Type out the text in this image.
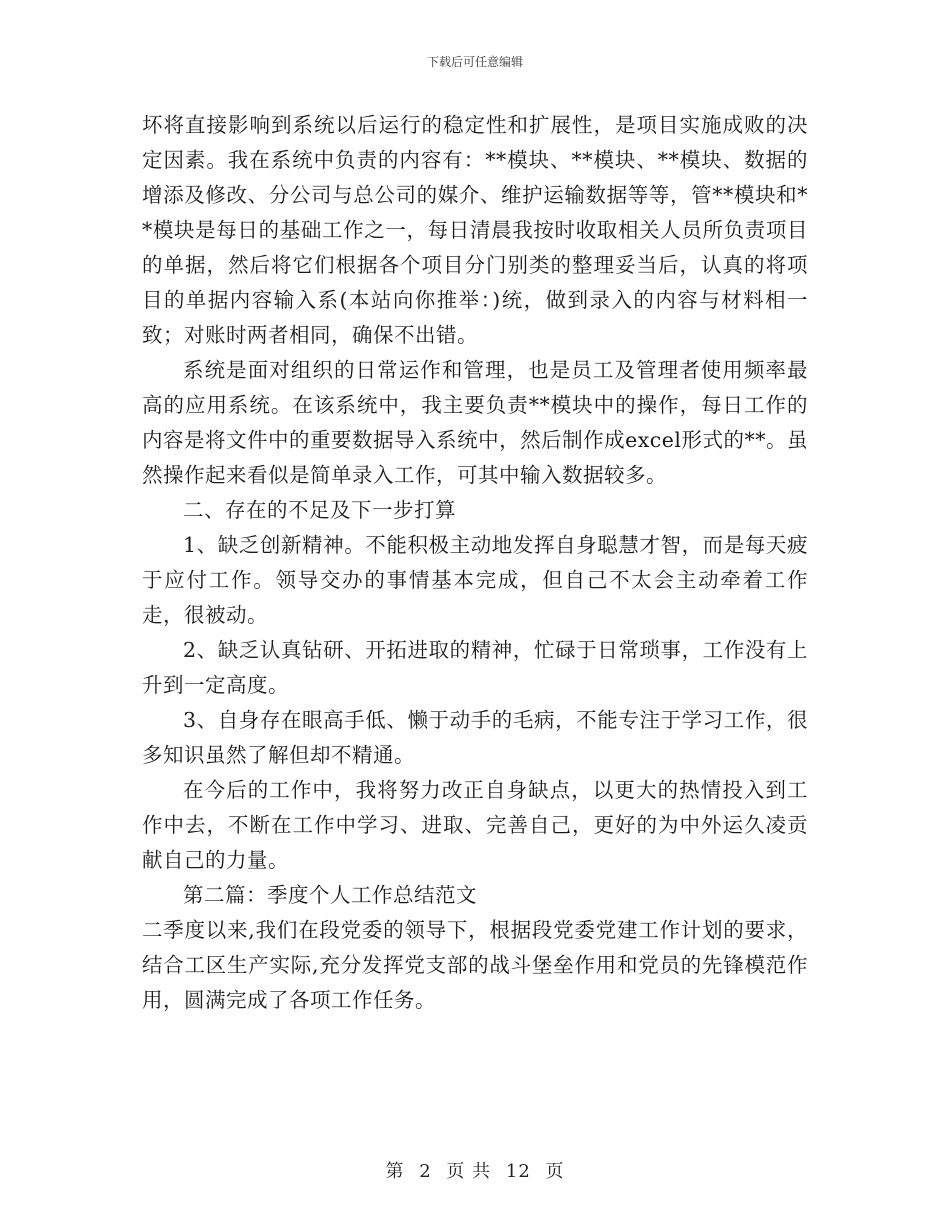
下载后可任意编辑

坏将直接影响到系统以后运行的稳定性和扩展性，是项目实施成败的决定因素。我在系统中负责的内容有：**模块、**模块、**模块、数据的增添及修改、分公司与总公司的媒介、维护运输数据等等，管**模块和**模块是每日的基础工作之一，每日清晨我按时收取相关人员所负责项目的单据，然后将它们根据各个项目分门别类的整理妥当后，认真的将项目的单据内容输入系(本站向你推举：)统，做到录入的内容与材料相一致；对账时两者相同，确保不出错。

系统是面对组织的日常运作和管理，也是员工及管理者使用频率最高的应用系统。在该系统中，我主要负责**模块中的操作，每日工作的内容是将文件中的重要数据导入系统中，然后制作成excel形式的**。虽然操作起来看似是简单录入工作，可其中输入数据较多。

二、存在的不足及下一步打算

1、缺乏创新精神。不能积极主动地发挥自身聪慧才智，而是每天疲于应付工作。领导交办的事情基本完成，但自己不太会主动牵着工作走，很被动。

2、缺乏认真钻研、开拓进取的精神，忙碌于日常琐事，工作没有上升到一定高度。

3、自身存在眼高手低、懒于动手的毛病，不能专注于学习工作，很多知识虽然了解但却不精通。

在今后的工作中，我将努力改正自身缺点，以更大的热情投入到工作中去，不断在工作中学习、进取、完善自己，更好的为中外运久凌贡献自己的力量。

第二篇：季度个人工作总结范文

二季度以来,我们在段党委的领导下，根据段党委党建工作计划的要求，结合工区生产实际,充分发挥党支部的战斗堡垒作用和党员的先锋模范作用，圆满完成了各项工作任务。

第 2 页 共 12 页
